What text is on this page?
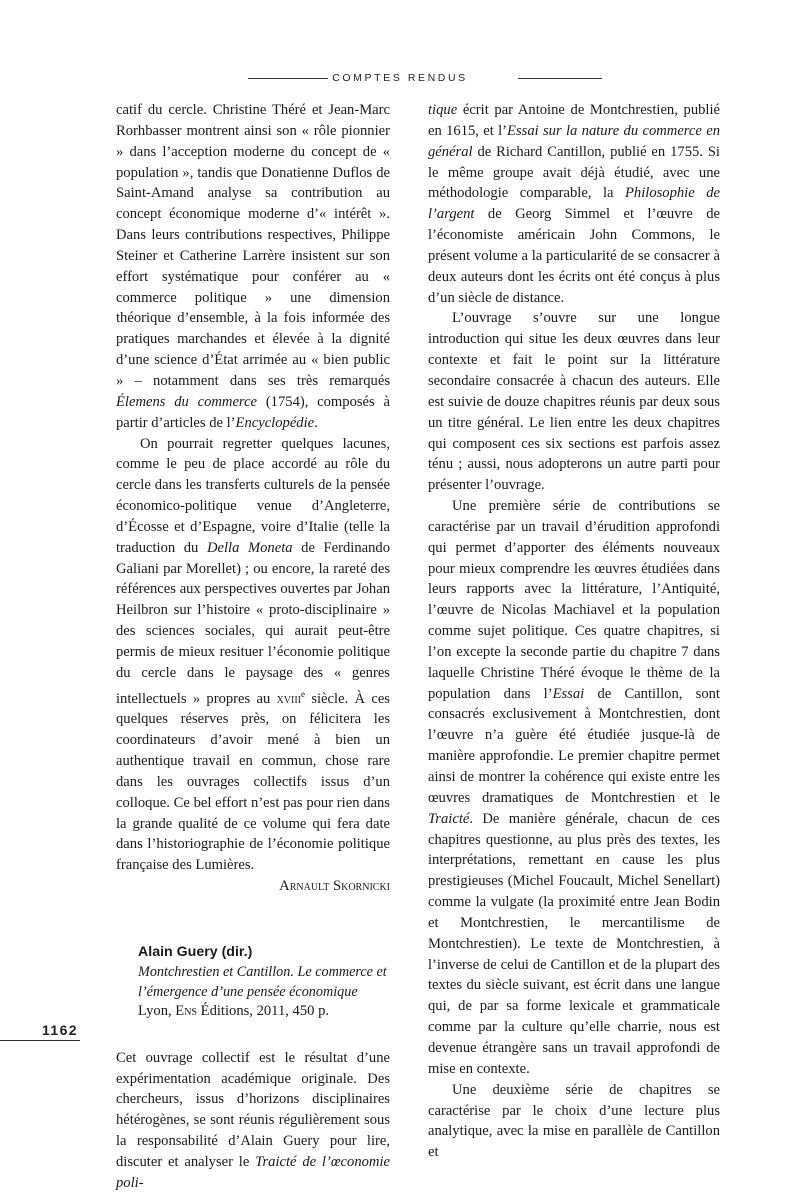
COMPTES RENDUS

catif du cercle. Christine Théré et Jean-Marc Rorhbasser montrent ainsi son « rôle pionnier » dans l’acception moderne du concept de « population », tandis que Donatienne Duflos de Saint-Amand analyse sa contribution au concept économique moderne d’« intérêt ». Dans leurs contributions respectives, Philippe Steiner et Catherine Larrère insistent sur son effort systématique pour conférer au « commerce politique » une dimension théorique d’ensemble, à la fois informée des pratiques marchandes et élevée à la dignité d’une science d’État arrimée au « bien public » – notamment dans ses très remarqués Élemens du commerce (1754), composés à partir d’articles de l’Encyclopédie.

On pourrait regretter quelques lacunes, comme le peu de place accordé au rôle du cercle dans les transferts culturels de la pensée économico-politique venue d’Angleterre, d’Écosse et d’Espagne, voire d’Italie (telle la traduction du Della Moneta de Ferdinando Galiani par Morellet) ; ou encore, la rareté des références aux perspectives ouvertes par Johan Heilbron sur l’histoire « proto-disciplinaire » des sciences sociales, qui aurait peut-être permis de mieux resituer l’économie politique du cercle dans le paysage des « genres intellectuels » propres au xviii$^e$ siècle. À ces quelques réserves près, on félicitera les coordinateurs d’avoir mené à bien un authentique travail en commun, chose rare dans les ouvrages collectifs issus d’un colloque. Ce bel effort n’est pas pour rien dans la grande qualité de ce volume qui fera date dans l’historiographie de l’économie politique française des Lumières.

Arnault Skornicki

Alain Guery (dir.)
Montchrestien et Cantillon. Le commerce et l’émergence d’une pensée économique
Lyon, Ens Éditions, 2011, 450 p.

Cet ouvrage collectif est le résultat d’une expérimentation académique originale. Des chercheurs, issus d’horizons disciplinaires hétérogènes, se sont réunis régulièrement sous la responsabilité d’Alain Guery pour lire, discuter et analyser le Traicté de l’œconomie poli-

tique écrit par Antoine de Montchrestien, publié en 1615, et l’Essai sur la nature du commerce en général de Richard Cantillon, publié en 1755. Si le même groupe avait déjà étudié, avec une méthodologie comparable, la Philosophie de l’argent de Georg Simmel et l’œuvre de l’économiste américain John Commons, le présent volume a la particularité de se consacrer à deux auteurs dont les écrits ont été conçus à plus d’un siècle de distance.

L’ouvrage s’ouvre sur une longue introduction qui situe les deux œuvres dans leur contexte et fait le point sur la littérature secondaire consacrée à chacun des auteurs. Elle est suivie de douze chapitres réunis par deux sous un titre général. Le lien entre les deux chapitres qui composent ces six sections est parfois assez ténu ; aussi, nous adopterons un autre parti pour présenter l’ouvrage.

Une première série de contributions se caractérise par un travail d’érudition approfondi qui permet d’apporter des éléments nouveaux pour mieux comprendre les œuvres étudiées dans leurs rapports avec la littérature, l’Antiquité, l’œuvre de Nicolas Machiavel et la population comme sujet politique. Ces quatre chapitres, si l’on excepte la seconde partie du chapitre 7 dans laquelle Christine Théré évoque le thème de la population dans l’Essai de Cantillon, sont consacrés exclusivement à Montchrestien, dont l’œuvre n’a guère été étudiée jusque-là de manière approfondie. Le premier chapitre permet ainsi de montrer la cohérence qui existe entre les œuvres dramatiques de Montchrestien et le Traicté. De manière générale, chacun de ces chapitres questionne, au plus près des textes, les interprétations, remettant en cause les plus prestigieuses (Michel Foucault, Michel Senellart) comme la vulgate (la proximité entre Jean Bodin et Montchrestien, le mercantilisme de Montchrestien). Le texte de Montchrestien, à l’inverse de celui de Cantillon et de la plupart des textes du siècle suivant, est écrit dans une langue qui, de par sa forme lexicale et grammaticale comme par la culture qu’elle charrie, nous est devenue étrangère sans un travail approfondi de mise en contexte.

Une deuxième série de chapitres se caractérise par le choix d’une lecture plus analytique, avec la mise en parallèle de Cantillon et

1162
